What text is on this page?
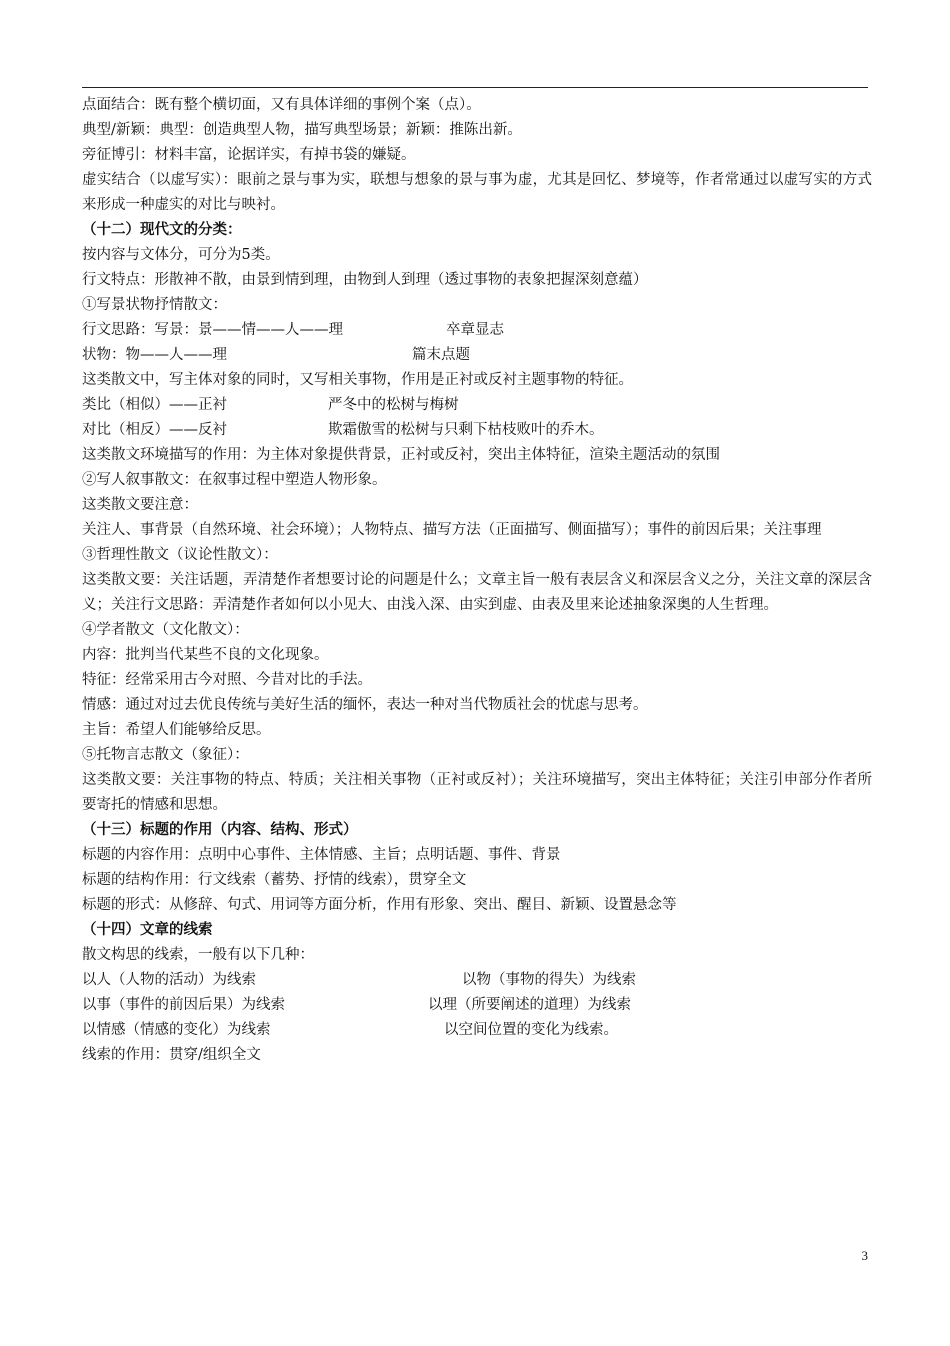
点面结合：既有整个横切面，又有具体详细的事例个案（点）。
典型/新颖：典型：创造典型人物，描写典型场景；新颖：推陈出新。
旁征博引：材料丰富，论据详实，有掉书袋的嫌疑。
虚实结合（以虚写实）：眼前之景与事为实，联想与想象的景与事为虚，尤其是回忆、梦境等，作者常通过以虚写实的方式来形成一种虚实的对比与映衬。
（十二）现代文的分类：
按内容与文体分，可分为5类。
行文特点：形散神不散，由景到情到理，由物到人到理（透过事物的表象把握深刻意蕴）
①写景状物抒情散文：
行文思路：写景：景——情——人——理	卒章显志
状物：物——人——理	篇末点题
这类散文中，写主体对象的同时，又写相关事物，作用是正衬或反衬主题事物的特征。
类比（相似）——正衬	严冬中的松树与梅树
对比（相反）——反衬	欺霜傲雪的松树与只剩下枯枝败叶的乔木。
这类散文环境描写的作用：为主体对象提供背景，正衬或反衬，突出主体特征，渲染主题活动的氛围
②写人叙事散文：在叙事过程中塑造人物形象。
这类散文要注意：
关注人、事背景（自然环境、社会环境）；人物特点、描写方法（正面描写、侧面描写）；事件的前因后果；关注事理
③哲理性散文（议论性散文）：
这类散文要：关注话题，弄清楚作者想要讨论的问题是什么；文章主旨一般有表层含义和深层含义之分，关注文章的深层含义；关注行文思路：弄清楚作者如何以小见大、由浅入深、由实到虚、由表及里来论述抽象深奥的人生哲理。
④学者散文（文化散文）：
内容：批判当代某些不良的文化现象。
特征：经常采用古今对照、今昔对比的手法。
情感：通过对过去优良传统与美好生活的缅怀，表达一种对当代物质社会的忧虑与思考。
主旨：希望人们能够给反思。
⑤托物言志散文（象征）：
这类散文要：关注事物的特点、特质；关注相关事物（正衬或反衬）；关注环境描写，突出主体特征；关注引申部分作者所要寄托的情感和思想。
（十三）标题的作用（内容、结构、形式）
标题的内容作用：点明中心事件、主体情感、主旨；点明话题、事件、背景
标题的结构作用：行文线索（蓄势、抒情的线索），贯穿全文
标题的形式：从修辞、句式、用词等方面分析，作用有形象、突出、醒目、新颖、设置悬念等
（十四）文章的线索
散文构思的线索，一般有以下几种：
以人（人物的活动）为线索	以物（事物的得失）为线索
以事（事件的前因后果）为线索	以理（所要阐述的道理）为线索
以情感（情感的变化）为线索	以空间位置的变化为线索。
线索的作用：贯穿/组织全文
3
